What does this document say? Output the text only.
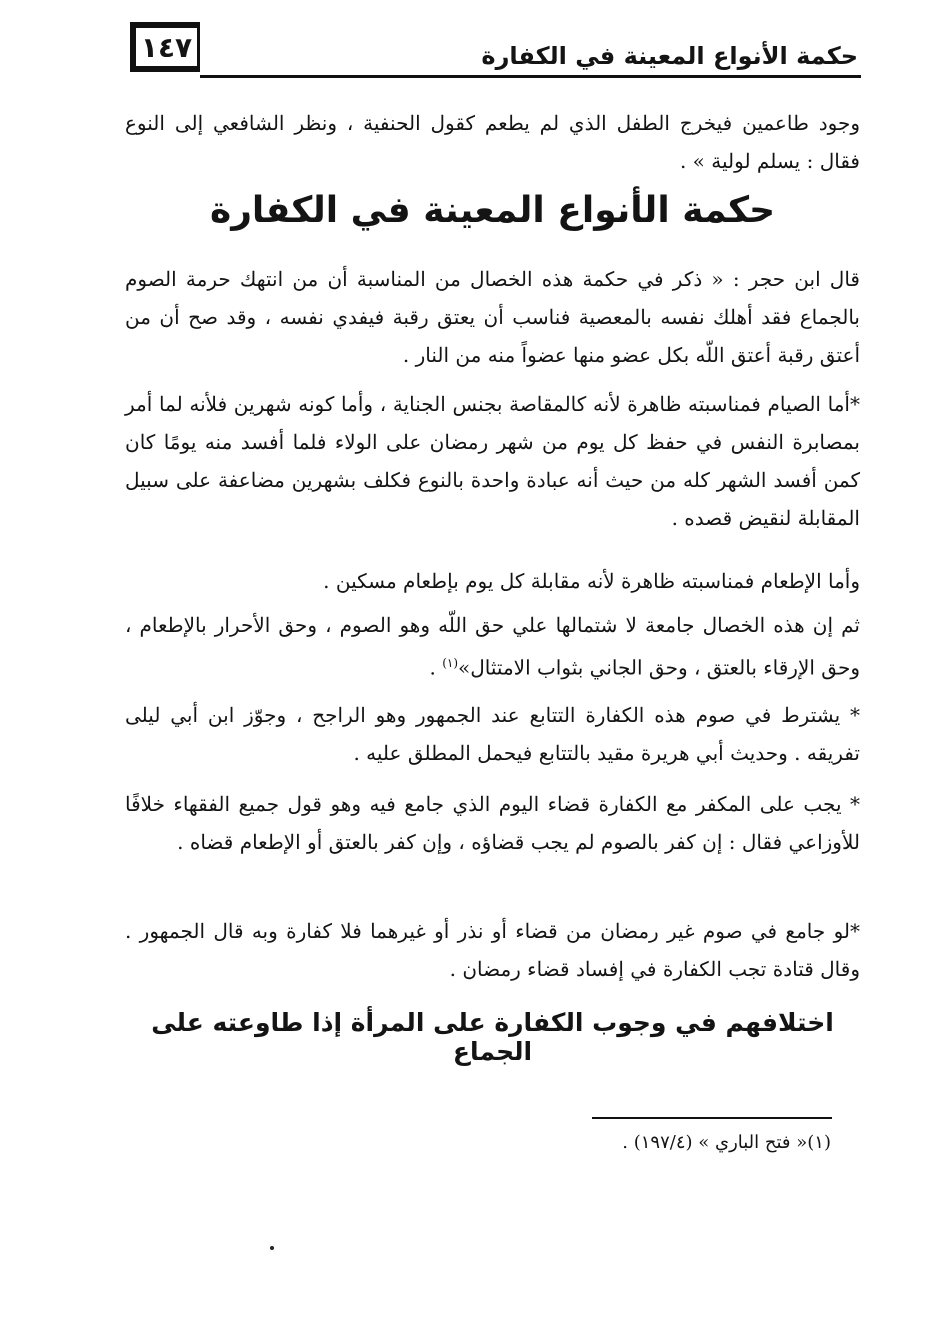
١٤٧	حكمة الأنواع المعينة في الكفارة

وجود طاعمين فيخرج الطفل الذي لم يطعم كقول الحنفية ، ونظر الشافعي إلى النوع فقال : يسلم لولية » .

حكمة الأنواع المعينة في الكفارة

قال ابن حجر : « ذكر في حكمة هذه الخصال من المناسبة أن من انتهك حرمة الصوم بالجماع فقد أهلك نفسه بالمعصية فناسب أن يعتق رقبة فيفدي نفسه ، وقد صح أن من أعتق رقبة أعتق اللّه بكل عضو منها عضواً منه من النار .

*أما الصيام فمناسبته ظاهرة لأنه كالمقاصة بجنس الجناية ، وأما كونه شهرين فلأنه لما أمر بمصابرة النفس في حفظ كل يوم من شهر رمضان على الولاء فلما أفسد منه يومًا كان كمن أفسد الشهر كله من حيث أنه عبادة واحدة بالنوع فكلف بشهرين مضاعفة على سبيل المقابلة لنقيض قصده .

وأما الإطعام فمناسبته ظاهرة لأنه مقابلة كل يوم بإطعام مسكين .

ثم إن هذه الخصال جامعة لا شتمالها علي حق اللّه وهو الصوم ، وحق الأحرار بالإطعام ، وحق الإرقاء بالعتق ، وحق الجاني بثواب الامتثال»$^{(١)}$ .

* يشترط في صوم هذه الكفارة التتابع عند الجمهور وهو الراجح ، وجوّز ابن أبي ليلى تفريقه . وحديث أبي هريرة مقيد بالتتابع فيحمل المطلق عليه .

* يجب على المكفر مع الكفارة قضاء اليوم الذي جامع فيه وهو قول جميع الفقهاء خلافًا للأوزاعي فقال : إن كفر بالصوم لم يجب قضاؤه ، وإن كفر بالعتق أو الإطعام قضاه .

*لو جامع في صوم غير رمضان من قضاء أو نذر أو غيرهما فلا كفارة وبه قال الجمهور . وقال قتادة تجب الكفارة في إفساد قضاء رمضان .

اختلافهم في وجوب الكفارة على المرأة إذا طاوعته على الجماع
(١)« فتح الباري » (١٩٧/٤) .
